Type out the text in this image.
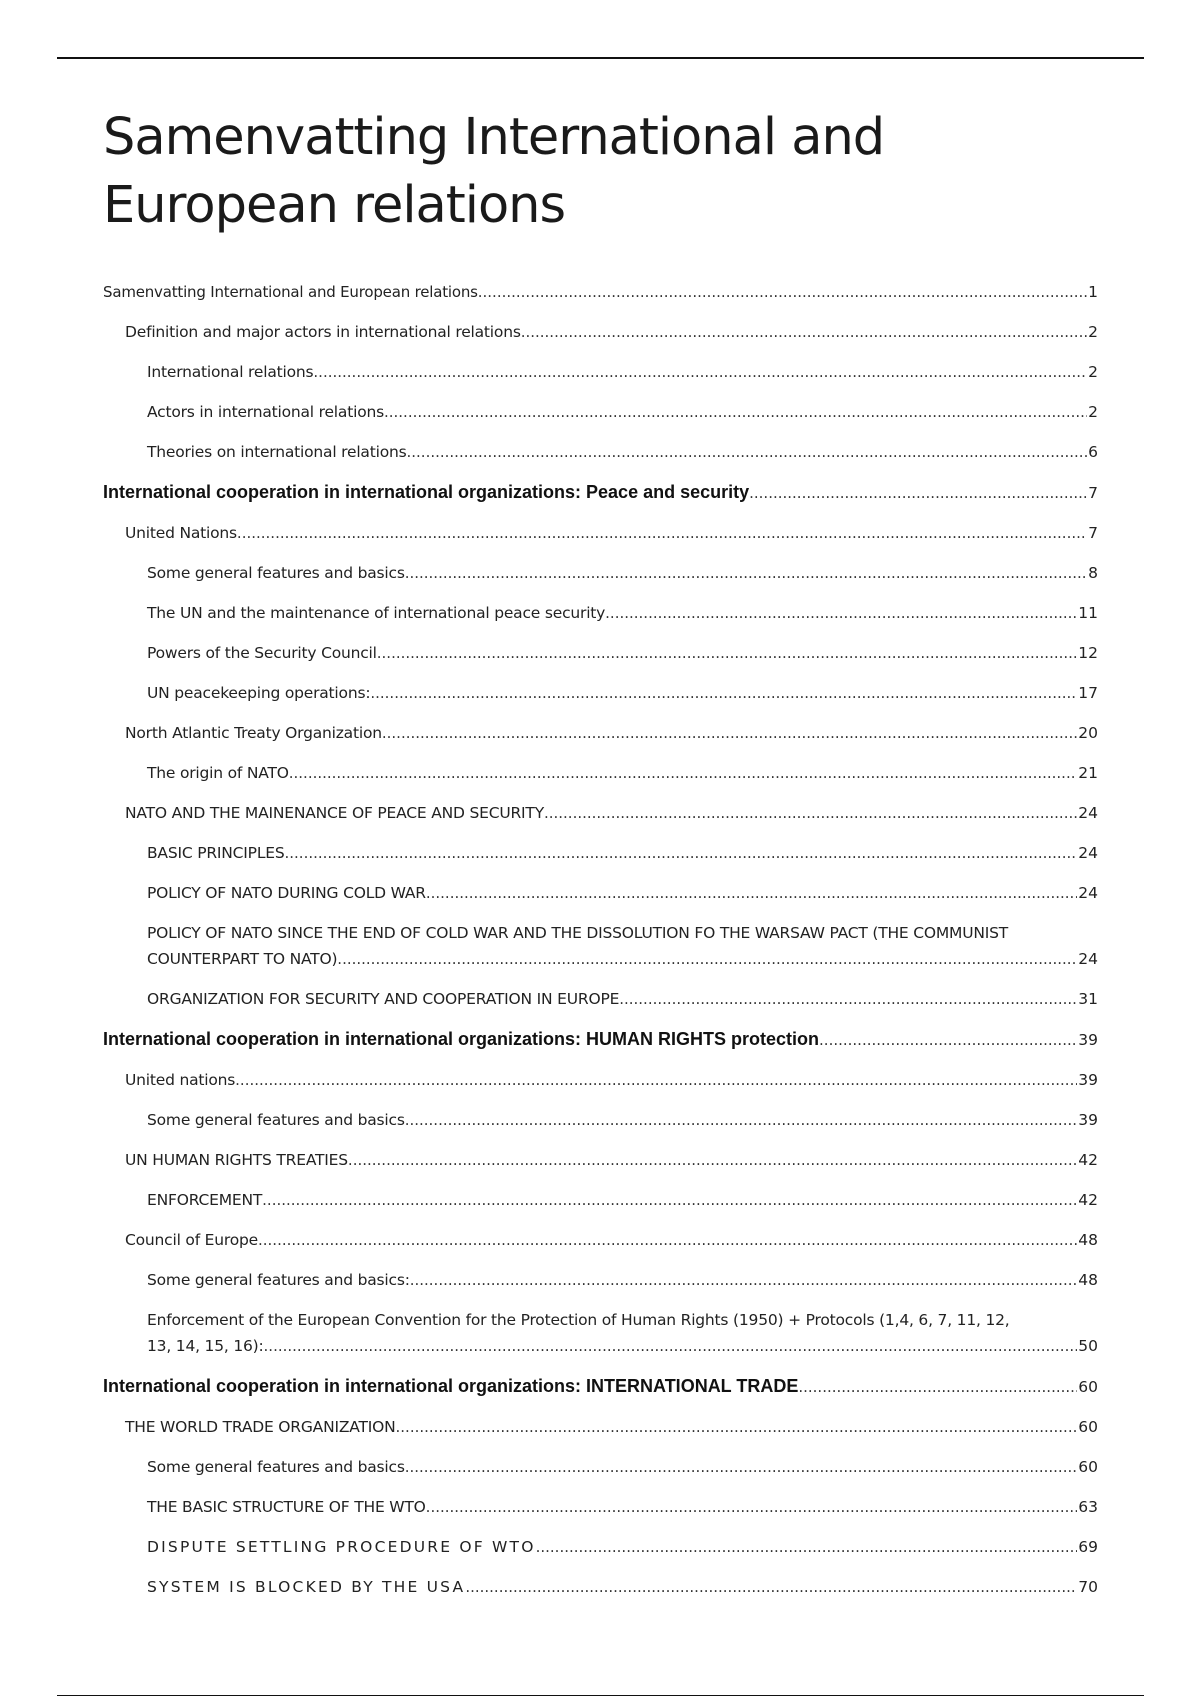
Samenvatting International and European relations
Samenvatting International and European relations .....	1
Definition and major actors in international relations .....	2
International relations .....	2
Actors in international relations .....	2
Theories on international relations .....	6
International cooperation in international organizations: Peace and security .....	7
United Nations .....	7
Some general features and basics .....	8
The UN and the maintenance of international peace security .....	11
Powers of the Security Council .....	12
UN peacekeeping operations: .....	17
North Atlantic Treaty Organization .....	20
The origin of NATO .....	21
NATO AND THE MAINENANCE OF PEACE AND SECURITY .....	24
BASIC PRINCIPLES .....	24
POLICY OF NATO DURING COLD WAR .....	24
POLICY OF NATO SINCE THE END OF COLD WAR AND THE DISSOLUTION FO THE WARSAW PACT (THE COMMUNIST
COUNTERPART TO NATO) .....	24
ORGANIZATION FOR SECURITY AND COOPERATION IN EUROPE .....	31
International cooperation in international organizations: HUMAN RIGHTS protection .....	39
United nations .....	39
Some general features and basics .....	39
UN HUMAN RIGHTS TREATIES .....	42
ENFORCEMENT .....	42
Council of Europe .....	48
Some general features and basics: .....	48
Enforcement of the European Convention for the Protection of Human Rights (1950) + Protocols (1,4, 6, 7, 11, 12,
13, 14, 15, 16): .....	50
International cooperation in international organizations: INTERNATIONAL TRADE .....	60
THE WORLD TRADE ORGANIZATION .....	60
Some general features and basics .....	60
THE BASIC STRUCTURE OF THE WTO .....	63
DISPUTE SETTLING PROCEDURE OF WTO .....	69
SYSTEM IS BLOCKED BY THE USA .....	70
